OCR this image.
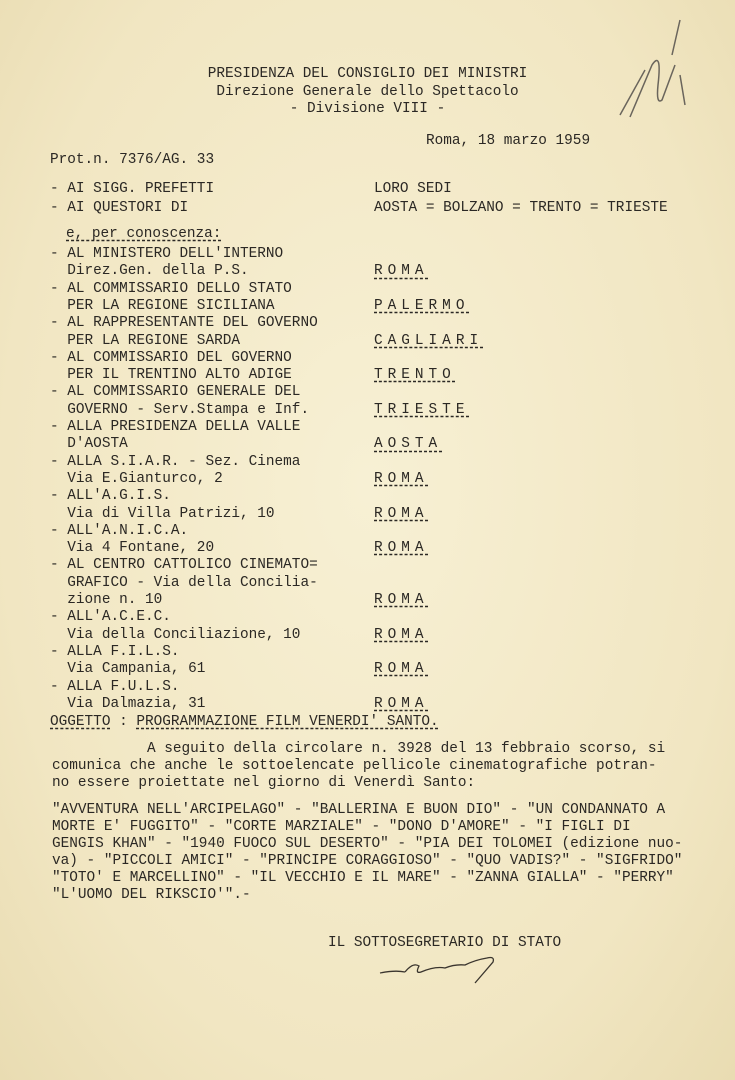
PRESIDENZA DEL CONSIGLIO DEI MINISTRI
Direzione Generale dello Spettacolo
- Divisione VIII -
Roma, 18 marzo 1959
Prot.n. 7376/AG. 33
- AI SIGG. PREFETTI	LORO SEDI
- AI QUESTORI DI	AOSTA = BOLZANO = TRENTO = TRIESTE
e, per conoscenza:
- AL MINISTERO DELL'INTERNO
Direz.Gen. della P.S.	ROMA
- AL COMMISSARIO DELLO STATO
PER LA REGIONE SICILIANA	PALERMO
- AL RAPPRESENTANTE DEL GOVERNO
PER LA REGIONE SARDA	CAGLIARI
- AL COMMISSARIO DEL GOVERNO
PER IL TRENTINO ALTO ADIGE	TRENTO
- AL COMMISSARIO GENERALE DEL
GOVERNO - Serv.Stampa e Inf.	TRIESTE
- ALLA PRESIDENZA DELLA VALLE
D'AOSTA	AOSTA
- ALLA S.I.A.R. - Sez. Cinema
Via E.Gianturco, 2	ROMA
- ALL'A.G.I.S.
Via di Villa Patrizi, 10	ROMA
- ALL'A.N.I.C.A.
Via 4 Fontane, 20	ROMA
- AL CENTRO CATTOLICO CINEMATO=
GRAFICO - Via della Concilia-
zione n. 10	ROMA
- ALL'A.C.E.C.
Via della Conciliazione, 10	ROMA
- ALLA F.I.L.S.
Via Campania, 61	ROMA
- ALLA F.U.L.S.
Via Dalmazia, 31	ROMA
OGGETTO : PROGRAMMAZIONE FILM VENERDI' SANTO.
A seguito della circolare n. 3928 del 13 febbraio scorso, si
comunica che anche le sottoelencate pellicole cinematografiche potran-
no essere proiettate nel giorno di Venerdì Santo:
"AVVENTURA NELL'ARCIPELAGO" - "BALLERINA E BUON DIO" - "UN CONDANNATO A
MORTE E' FUGGITO" - "CORTE MARZIALE" - "DONO D'AMORE" - "I FIGLI DI
GENGIS KHAN" - "1940 FUOCO SUL DESERTO" - "PIA DEI TOLOMEI (edizione nuo-
va) - "PICCOLI AMICI" - "PRINCIPE CORAGGIOSO" - "QUO VADIS?" - "SIGFRIDO"
"TOTO' E MARCELLINO" - "IL VECCHIO E IL MARE" - "ZANNA GIALLA" - "PERRY"
"L'UOMO DEL RIKSCIO'".-
IL SOTTOSEGRETARIO DI STATO
